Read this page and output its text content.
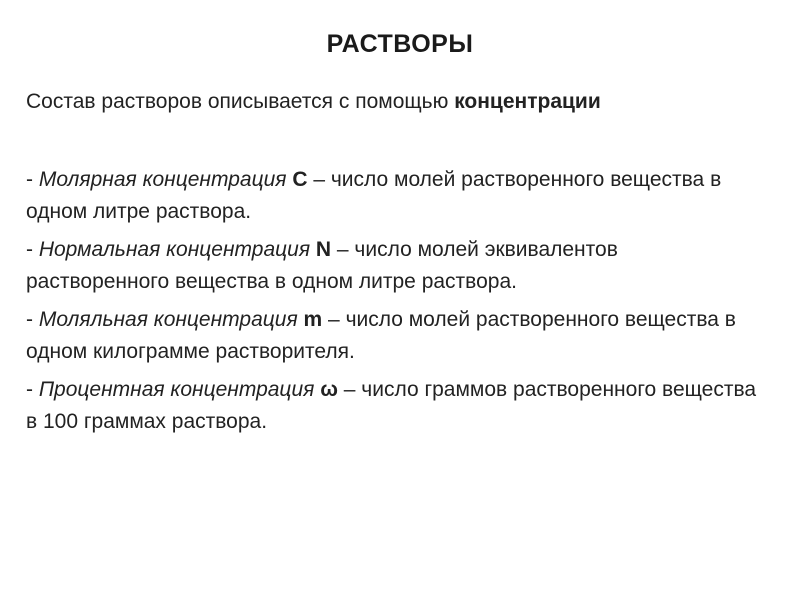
РАСТВОРЫ
Состав растворов описывается с помощью концентрации
- Молярная концентрация C – число молей растворенного вещества в одном литре раствора.
- Нормальная концентрация N – число молей эквивалентов растворенного вещества в одном литре раствора.
- Моляльная концентрация m – число молей растворенного вещества в одном килограмме растворителя.
- Процентная концентрация ω – число граммов растворенного вещества в 100 граммах раствора.
